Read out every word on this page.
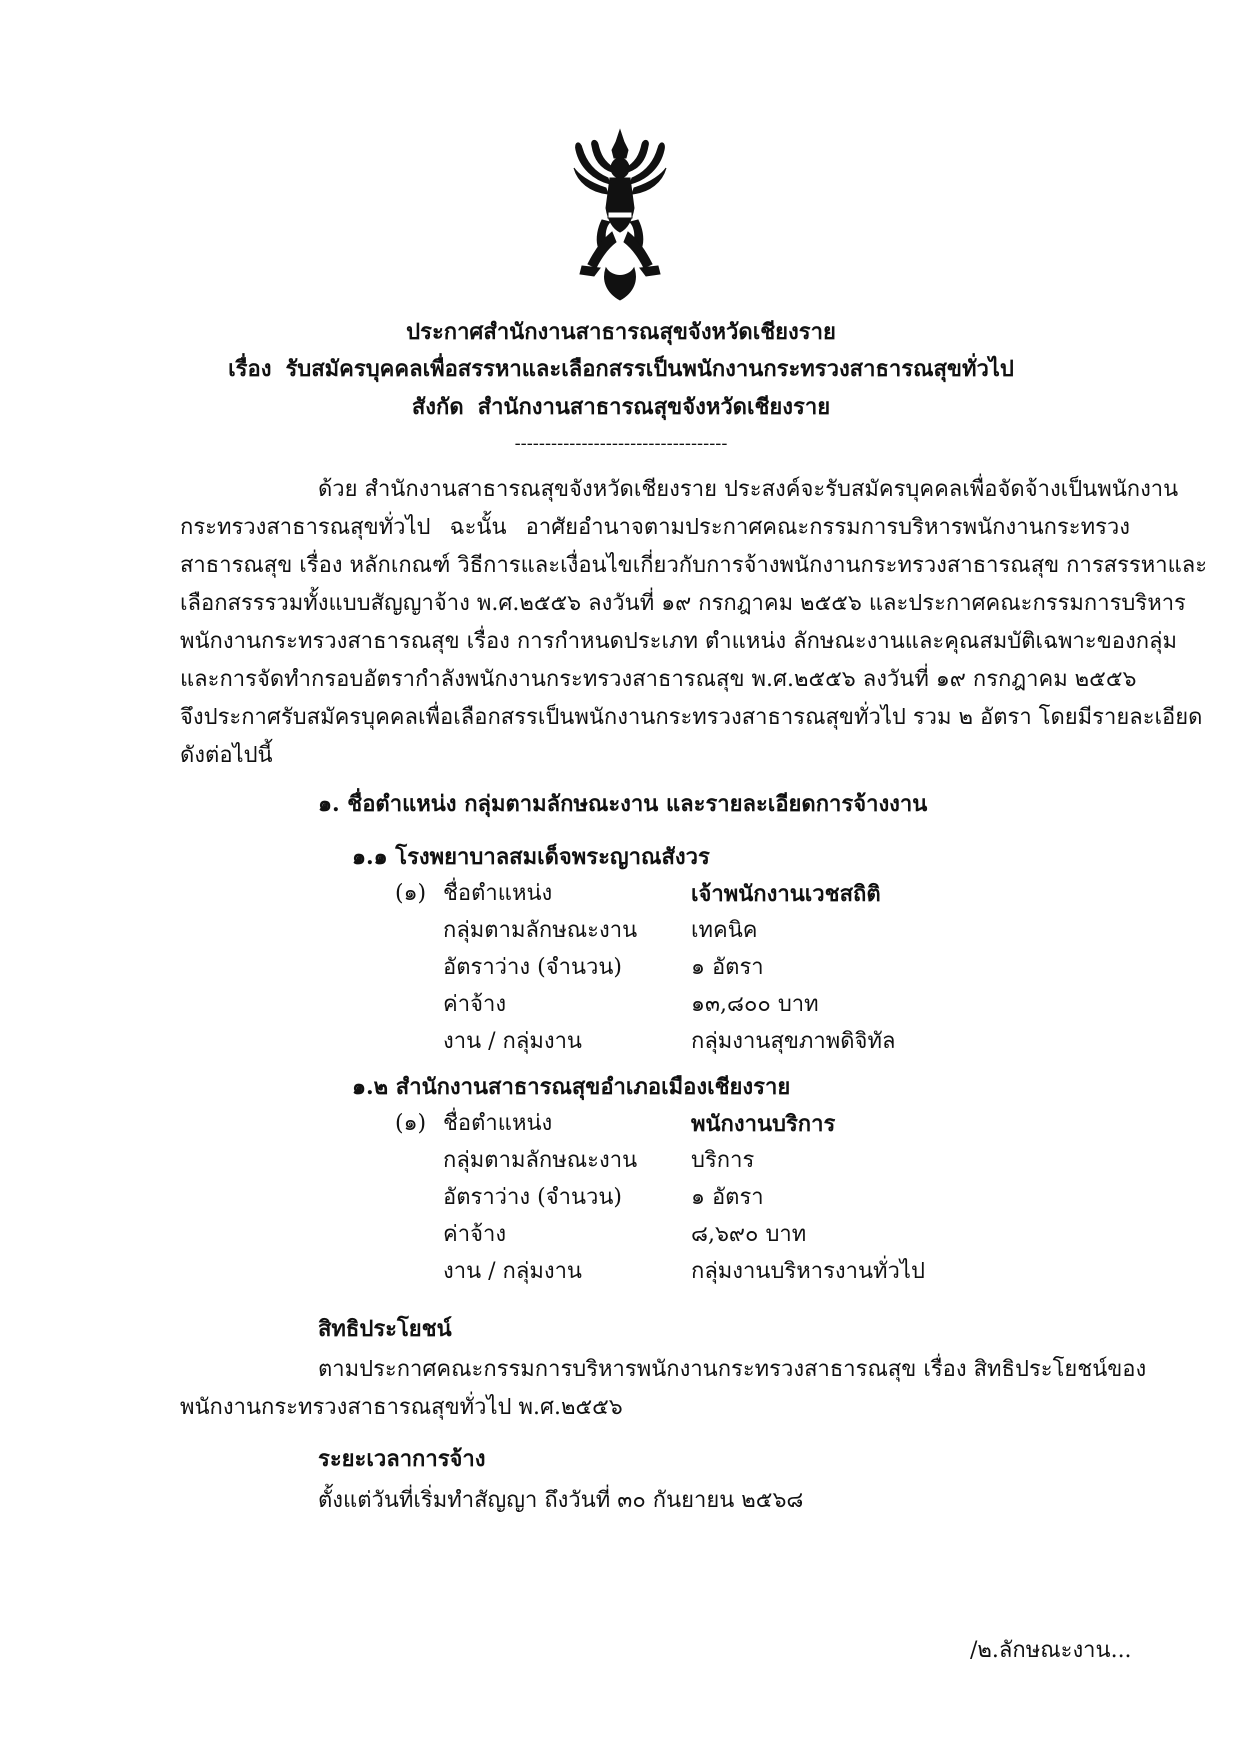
ประกาศสำนักงานสาธารณสุขจังหวัดเชียงราย
เรื่อง รับสมัครบุคคลเพื่อสรรหาและเลือกสรรเป็นพนักงานกระทรวงสาธารณสุขทั่วไป
สังกัด สำนักงานสาธารณสุขจังหวัดเชียงราย
-----------------------------------
ด้วย สำนักงานสาธารณสุขจังหวัดเชียงราย ประสงค์จะรับสมัครบุคคลเพื่อจัดจ้างเป็นพนักงาน
กระทรวงสาธารณสุขทั่วไป ฉะนั้น อาศัยอำนาจตามประกาศคณะกรรมการบริหารพนักงานกระทรวง
สาธารณสุข เรื่อง หลักเกณฑ์ วิธีการและเงื่อนไขเกี่ยวกับการจ้างพนักงานกระทรวงสาธารณสุข การสรรหาและ
เลือกสรรรวมทั้งแบบสัญญาจ้าง พ.ศ.๒๕๕๖ ลงวันที่ ๑๙ กรกฎาคม ๒๕๕๖ และประกาศคณะกรรมการบริหาร
พนักงานกระทรวงสาธารณสุข เรื่อง การกำหนดประเภท ตำแหน่ง ลักษณะงานและคุณสมบัติเฉพาะของกลุ่ม
และการจัดทำกรอบอัตรากำลังพนักงานกระทรวงสาธารณสุข พ.ศ.๒๕๕๖ ลงวันที่ ๑๙ กรกฎาคม ๒๕๕๖
จึงประกาศรับสมัครบุคคลเพื่อเลือกสรรเป็นพนักงานกระทรวงสาธารณสุขทั่วไป รวม ๒ อัตรา โดยมีรายละเอียด
ดังต่อไปนี้
๑. ชื่อตำแหน่ง กลุ่มตามลักษณะงาน และรายละเอียดการจ้างงาน
๑.๑ โรงพยาบาลสมเด็จพระญาณสังวร
(๑) ชื่อตำแหน่ง	เจ้าพนักงานเวชสถิติ
กลุ่มตามลักษณะงาน เทคนิค
อัตราว่าง (จำนวน)	๑ อัตรา
ค่าจ้าง	๑๓,๘๐๐ บาท
งาน / กลุ่มงาน	กลุ่มงานสุขภาพดิจิทัล
๑.๒ สำนักงานสาธารณสุขอำเภอเมืองเชียงราย
(๑) ชื่อตำแหน่ง	พนักงานบริการ
กลุ่มตามลักษณะงาน บริการ
อัตราว่าง (จำนวน)	๑ อัตรา
ค่าจ้าง	๘,๖๙๐ บาท
งาน / กลุ่มงาน	กลุ่มงานบริหารงานทั่วไป
สิทธิประโยชน์
ตามประกาศคณะกรรมการบริหารพนักงานกระทรวงสาธารณสุข เรื่อง สิทธิประโยชน์ของ
พนักงานกระทรวงสาธารณสุขทั่วไป พ.ศ.๒๕๕๖
ระยะเวลาการจ้าง
ตั้งแต่วันที่เริ่มทำสัญญา ถึงวันที่ ๓๐ กันยายน ๒๕๖๘
/๒.ลักษณะงาน...
